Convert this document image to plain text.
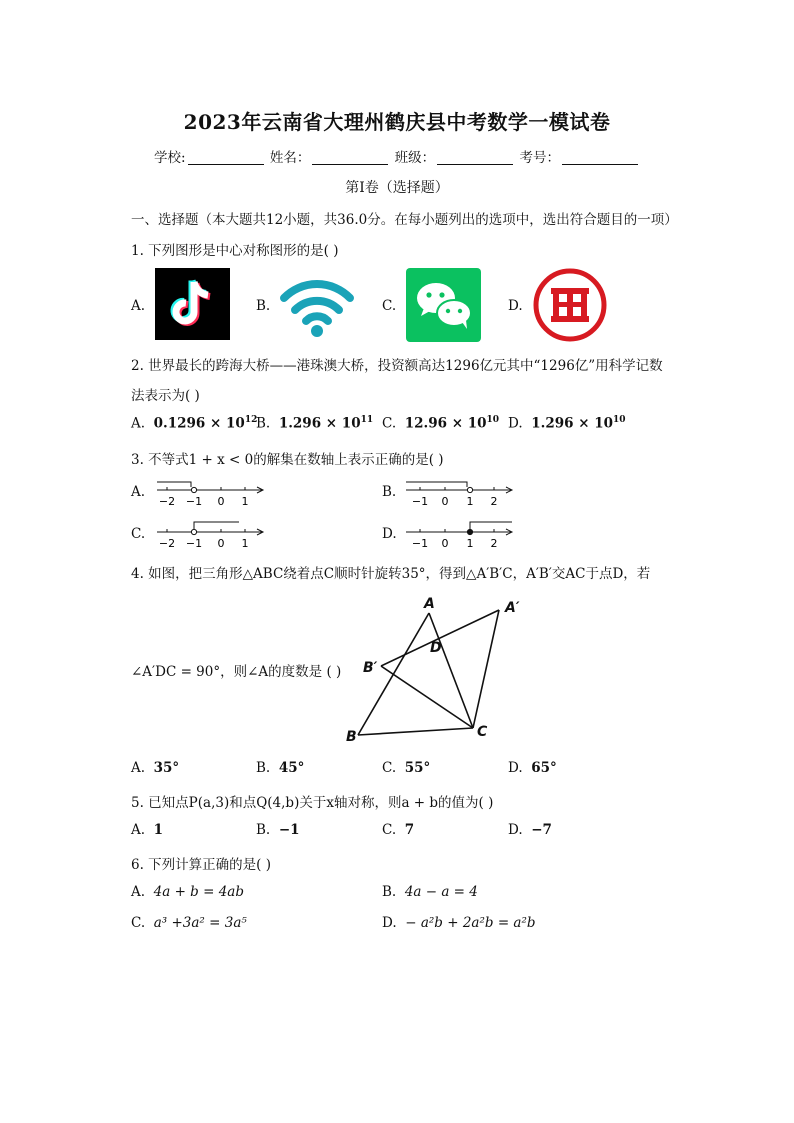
2023年云南省大理州鹤庆县中考数学一模试卷
学校:	姓名：	班级：	考号：
第Ⅰ卷（选择题）
一、选择题（本大题共12小题，共36.0分。在每小题列出的选项中，选出符合题目的一项）
1. 下列图形是中心对称图形的是( )
A.	B.	C.	D.
2. 世界最长的跨海大桥——港珠澳大桥，投资额高达1296亿元其中“1296亿”用科学记数
法表示为( )
A. $0.1296 \times 10^{12}$
B. $1.296 \times 10^{11}$ C. $12.96 \times 10^{10}$ D. $1.296 \times 10^{10}$
3. 不等式1 + x < 0的解集在数轴上表示正确的是( )
A.
−2 −1 0 1
B.
−1 0 1 2
C.
−2 −1 0 1
D.
−1 0 1 2
4. 如图，把三角形△ABC绕着点C顺时针旋转35°，得到△A′B′C，A′B′交AC于点D，若
∠A′DC = 90°，则∠A的度数是 ( )
A	A′
D
B′
B	C
A. 35°	B. 45°	C. 55°	D. 65°
5. 已知点P(a,3)和点Q(4,b)关于x轴对称，则a + b的值为( )
A. 1	B. −1	C. 7	D. −7
6. 下列计算正确的是( )
A. 4a + b = 4ab	B. 4a − a = 4
C. a³ +3a² = 3a⁵	D. − a²b + 2a²b = a²b
